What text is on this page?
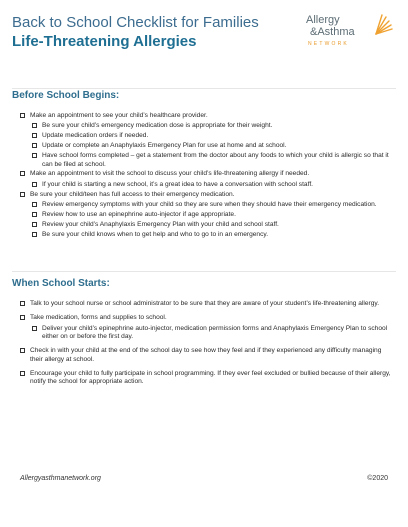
Back to School Checklist for Families
Life-Threatening Allergies
Allergy
&Asthma
NETWORK
Before School Begins:
Make an appointment to see your child’s healthcare provider.
Be sure your child’s emergency medication dose is appropriate for their weight.
Update medication orders if needed.
Update or complete an Anaphylaxis Emergency Plan for use at home and at school.
Have school forms completed – get a statement from the doctor about any foods to which your child is allergic so that it can be filed at school.
Make an appointment to visit the school to discuss your child’s life-threatening allergy if needed.
If your child is starting a new school, it’s a great idea to have a conversation with school staff.
Be sure your child/teen has full access to their emergency medication.
Review emergency symptoms with your child so they are sure when they should have their emergency medication.
Review how to use an epinephrine auto-injector if age appropriate.
Review your child’s Anaphylaxis Emergency Plan with your child and school staff.
Be sure your child knows when to get help and who to go to in an emergency.
When School Starts:
Talk to your school nurse or school administrator to be sure that they are aware of your student’s life-threatening allergy.
Take medication, forms and supplies to school.
Deliver your child’s epinephrine auto-injector, medication permission forms and Anaphylaxis Emergency Plan to school either on or before the first day.
Check in with your child at the end of the school day to see how they feel and if they experienced any difficulty managing their allergy at school.
Encourage your child to fully participate in school programming. If they ever feel excluded or bullied because of their allergy, notify the school for appropriate action.
Allergyasthmanetwork.org	©2020
